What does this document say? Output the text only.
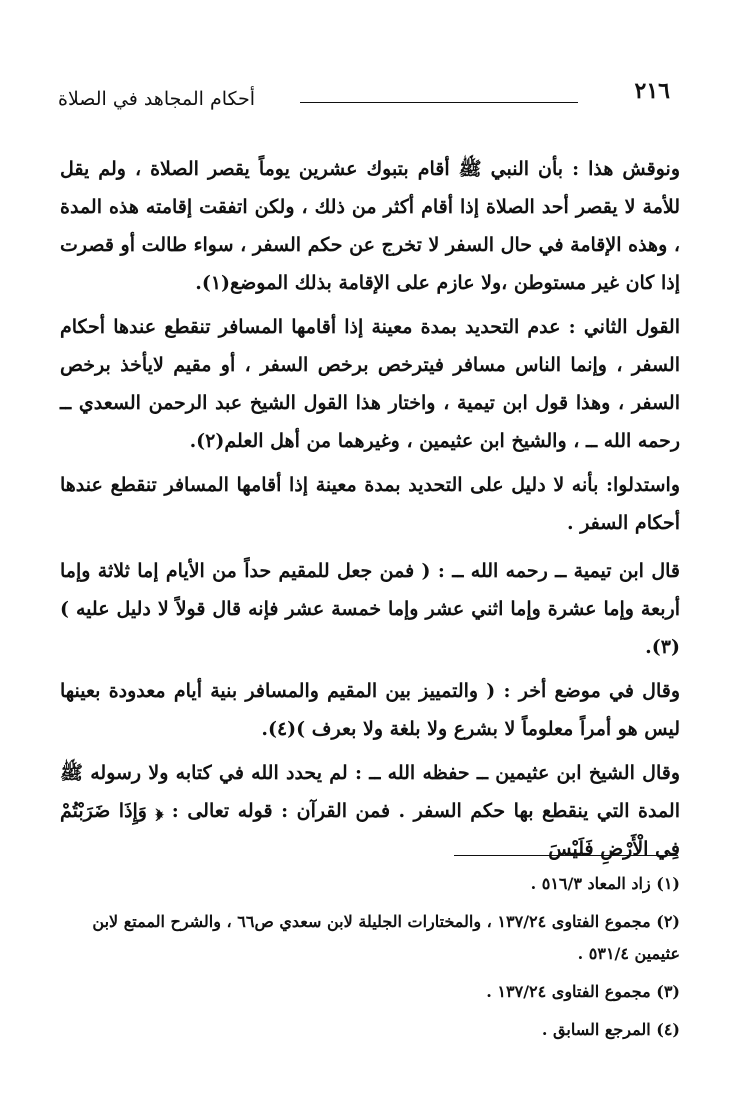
٢١٦
أحكام المجاهد في الصلاة

ونوقش هذا : بأن النبي ﷺ أقام بتبوك عشرين يوماً يقصر الصلاة ، ولم يقل للأمة لا يقصر أحد الصلاة إذا أقام أكثر من ذلك ، ولكن اتفقت إقامته هذه المدة ، وهذه الإقامة في حال السفر لا تخرج عن حكم السفر ، سواء طالت أو قصرت إذا كان غير مستوطن ،ولا عازم على الإقامة بذلك الموضع(١).

القول الثاني : عدم التحديد بمدة معينة إذا أقامها المسافر تنقطع عندها أحكام السفر ، وإنما الناس مسافر فيترخص برخص السفر ، أو مقيم لايأخذ برخص السفر ، وهذا قول ابن تيمية ، واختار هذا القول الشيخ عبد الرحمن السعدي ــ رحمه الله ــ ، والشيخ ابن عثيمين ، وغيرهما من أهل العلم(٢).

واستدلوا: بأنه لا دليل على التحديد بمدة معينة إذا أقامها المسافر تنقطع عندها أحكام السفر .

قال ابن تيمية ــ رحمه الله ــ : ( فمن جعل للمقيم حداً من الأيام إما ثلاثة وإما أربعة وإما عشرة وإما اثني عشر وإما خمسة عشر فإنه قال قولاً لا دليل عليه )(٣).

وقال في موضع أخر : ( والتمييز بين المقيم والمسافر بنية أيام معدودة بعينها ليس هو أمراً معلوماً لا بشرع ولا بلغة ولا بعرف )(٤).

وقال الشيخ ابن عثيمين ــ حفظه الله ــ : لم يحدد الله في كتابه ولا رسوله ﷺ المدة التي ينقطع بها حكم السفر . فمن القرآن : قوله تعالى : ﴿ وَإِذَا ضَرَبْتُمْ فِي الْأَرْضِ فَلَيْسَ

(١) زاد المعاد ٥١٦/٣ .

(٢) مجموع الفتاوى ١٣٧/٢٤ ، والمختارات الجليلة لابن سعدي ص٦٦ ، والشرح الممتع لابن عثيمين ٥٣١/٤ .

(٣) مجموع الفتاوى ١٣٧/٢٤ .

(٤) المرجع السابق .
